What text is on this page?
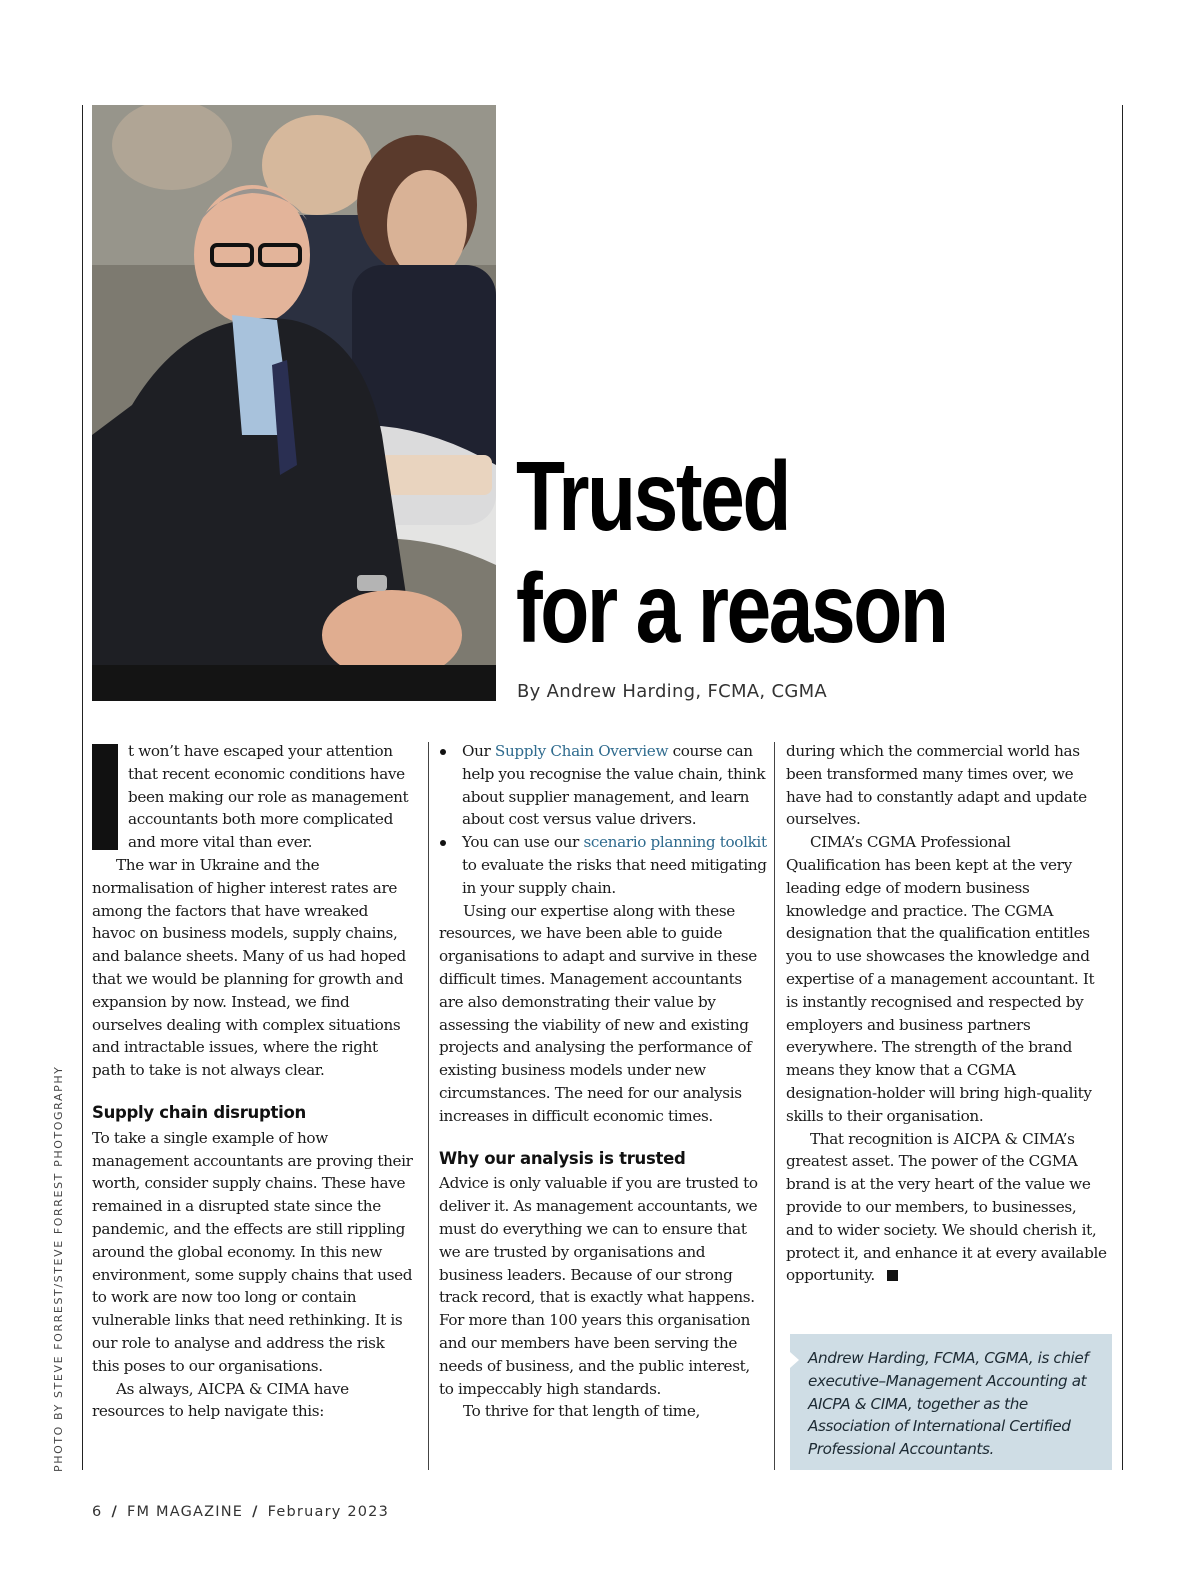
PHOTO BY STEVE FORREST/STEVE FORREST PHOTOGRAPHY
Trusted
for a reason
By Andrew Harding, FCMA, CGMA

t won’t have escaped your attention that recent economic conditions have been making our role as management accountants both more complicated and more vital than ever.

The war in Ukraine and the normalisation of higher interest rates are among the factors that have wreaked havoc on business models, supply chains, and balance sheets. Many of us had hoped that we would be planning for growth and expansion by now. Instead, we find ourselves dealing with complex situations and intractable issues, where the right path to take is not always clear.

Supply chain disruption

To take a single example of how management accountants are proving their worth, consider supply chains. These have remained in a disrupted state since the pandemic, and the effects are still rippling around the global economy. In this new environment, some supply chains that used to work are now too long or contain vulnerable links that need rethinking. It is our role to analyse and address the risk this poses to our organisations.

As always, AICPA & CIMA have resources to help navigate this:

Our Supply Chain Overview course can help you recognise the value chain, think about supplier management, and learn about cost versus value drivers.

You can use our scenario planning toolkit to evaluate the risks that need mitigating in your supply chain.

Using our expertise along with these resources, we have been able to guide organisations to adapt and survive in these difficult times. Management accountants are also demonstrating their value by assessing the viability of new and existing projects and analysing the performance of existing business models under new circumstances. The need for our analysis increases in difficult economic times.

Why our analysis is trusted

Advice is only valuable if you are trusted to deliver it. As management accountants, we must do everything we can to ensure that we are trusted by organisations and business leaders. Because of our strong track record, that is exactly what happens. For more than 100 years this organisation and our members have been serving the needs of business, and the public interest, to impeccably high standards.

To thrive for that length of time,

during which the commercial world has been transformed many times over, we have had to constantly adapt and update ourselves.

CIMA’s CGMA Professional Qualification has been kept at the very leading edge of modern business knowledge and practice. The CGMA designation that the qualification entitles you to use showcases the knowledge and expertise of a management accountant. It is instantly recognised and respected by employers and business partners everywhere. The strength of the brand means they know that a CGMA designation-holder will bring high-quality skills to their organisation.

That recognition is AICPA & CIMA’s greatest asset. The power of the CGMA brand is at the very heart of the value we provide to our members, to businesses, and to wider society. We should cherish it, protect it, and enhance it at every available opportunity.

Andrew Harding, FCMA, CGMA, is chief executive–Management Accounting at AICPA & CIMA, together as the Association of International Certified Professional Accountants.
6 / FM MAGAZINE / February 2023
